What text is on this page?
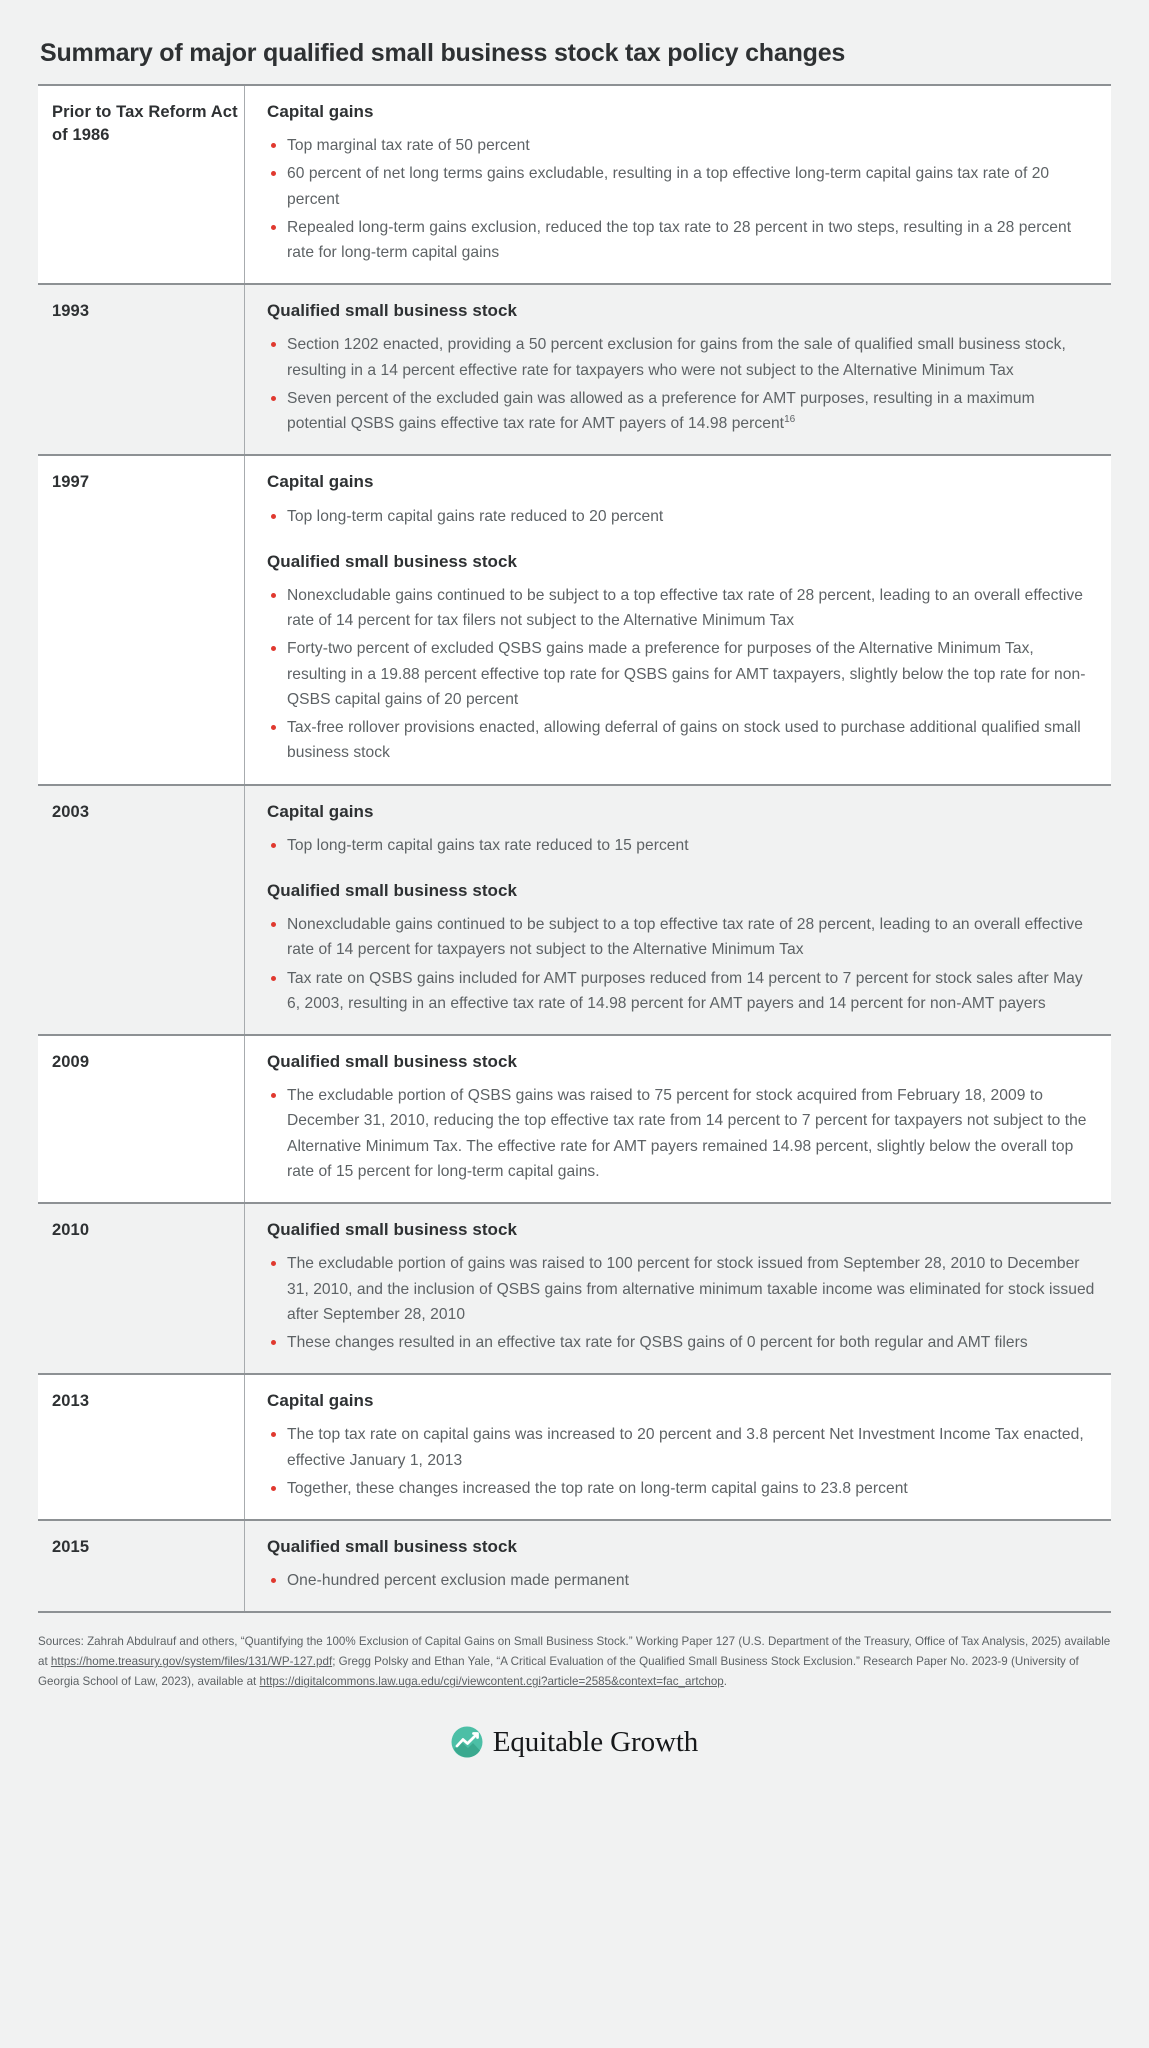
Summary of major qualified small business stock tax policy changes
Prior to Tax Reform Act of 1986
Capital gains
Top marginal tax rate of 50 percent
60 percent of net long terms gains excludable, resulting in a top effective long-term capital gains tax rate of 20 percent
Repealed long-term gains exclusion, reduced the top tax rate to 28 percent in two steps, resulting in a 28 percent rate for long-term capital gains
1993	Qualified small business stock
Section 1202 enacted, providing a 50 percent exclusion for gains from the sale of qualified small business stock, resulting in a 14 percent effective rate for taxpayers who were not subject to the Alternative Minimum Tax
Seven percent of the excluded gain was allowed as a preference for AMT purposes, resulting in a maximum potential QSBS gains effective tax rate for AMT payers of 14.98 percent$^{16}$
1997	Capital gains
Top long-term capital gains rate reduced to 20 percent
Qualified small business stock
Nonexcludable gains continued to be subject to a top effective tax rate of 28 percent, leading to an overall effective rate of 14 percent for tax filers not subject to the Alternative Minimum Tax
Forty-two percent of excluded QSBS gains made a preference for purposes of the Alternative Minimum Tax, resulting in a 19.88 percent effective top rate for QSBS gains for AMT taxpayers, slightly below the top rate for non-QSBS capital gains of 20 percent
Tax-free rollover provisions enacted, allowing deferral of gains on stock used to purchase additional qualified small business stock
2003	Capital gains
Top long-term capital gains tax rate reduced to 15 percent
Qualified small business stock
Nonexcludable gains continued to be subject to a top effective tax rate of 28 percent, leading to an overall effective rate of 14 percent for taxpayers not subject to the Alternative Minimum Tax
Tax rate on QSBS gains included for AMT purposes reduced from 14 percent to 7 percent for stock sales after May 6, 2003, resulting in an effective tax rate of 14.98 percent for AMT payers and 14 percent for non-AMT payers
2009	Qualified small business stock
The excludable portion of QSBS gains was raised to 75 percent for stock acquired from February 18, 2009 to December 31, 2010, reducing the top effective tax rate from 14 percent to 7 percent for taxpayers not subject to the Alternative Minimum Tax. The effective rate for AMT payers remained 14.98 percent, slightly below the overall top rate of 15 percent for long-term capital gains.
2010	Qualified small business stock
The excludable portion of gains was raised to 100 percent for stock issued from September 28, 2010 to December 31, 2010, and the inclusion of QSBS gains from alternative minimum taxable income was eliminated for stock issued after September 28, 2010
These changes resulted in an effective tax rate for QSBS gains of 0 percent for both regular and AMT filers
2013	Capital gains
The top tax rate on capital gains was increased to 20 percent and 3.8 percent Net Investment Income Tax enacted, effective January 1, 2013
Together, these changes increased the top rate on long-term capital gains to 23.8 percent
2015	Qualified small business stock
One-hundred percent exclusion made permanent
Sources: Zahrah Abdulrauf and others, “Quantifying the 100% Exclusion of Capital Gains on Small Business Stock.” Working Paper 127 (U.S. Department of the Treasury, Office of Tax Analysis, 2025) available at https://home.treasury.gov/system/files/131/WP-127.pdf; Gregg Polsky and Ethan Yale, “A Critical Evaluation of the Qualified Small Business Stock Exclusion.” Research Paper No. 2023-9 (University of Georgia School of Law, 2023), available at https://digitalcommons.law.uga.edu/cgi/viewcontent.cgi?article=2585&context=fac_artchop.
Equitable Growth
